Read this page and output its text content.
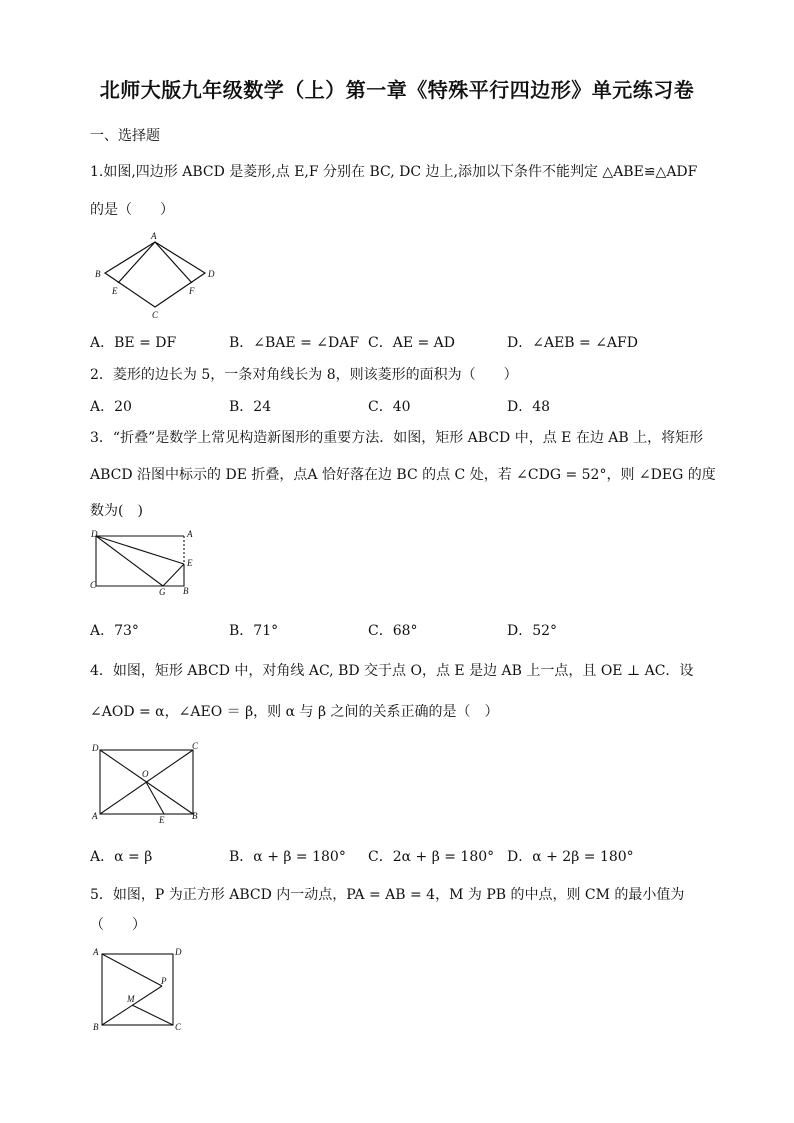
北师大版九年级数学（上）第一章《特殊平行四边形》单元练习卷
一、选择题
1.如图,四边形 ABCD 是菱形,点 E,F 分别在 BC, DC 边上,添加以下条件不能判定 △ABE≌△ADF
的是（　　）
A
B	D
E	F
C
A．BE = DF	B．∠BAE = ∠DAF C．AE = AD	D．∠AEB = ∠AFD
2．菱形的边长为 5，一条对角线长为 8，则该菱形的面积为（　　）
A．20	B．24	C．40	D．48
3．“折叠”是数学上常见构造新图形的重要方法．如图，矩形 ABCD 中，点 E 在边 AB 上，将矩形
ABCD 沿图中标示的 DE 折叠，点A 恰好落在边 BC 的点 C 处，若 ∠CDG = 52°，则 ∠DEG 的度
数为(　)
D	A
E
C
G B
A．73°	B．71°	C．68°	D．52°
4．如图，矩形 ABCD 中，对角线 AC, BD 交于点 O，点 E 是边 AB 上一点，且 OE ⊥ AC．设
∠AOD = α，∠AEO ＝ β，则 α 与 β 之间的关系正确的是（　）
D	C
O
A	E	B
A．α = β	B．α + β = 180° C．2α + β = 180° D．α + 2β = 180°
5．如图，P 为正方形 ABCD 内一动点，PA = AB = 4，M 为 PB 的中点，则 CM 的最小值为
（　　）
A	D
P
M
B	C
